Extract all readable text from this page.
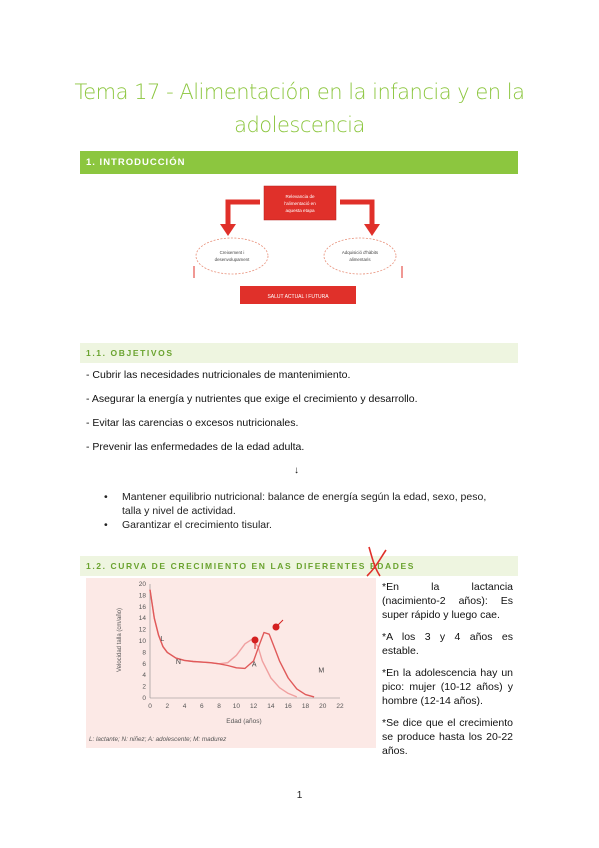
Tema 17 - Alimentación en la infancia y en la adolescencia
1. INTRODUCCIÓN
Relevancia de
l'alimentació en
aquesta etapa
Creixement i
desenvolupament
Adquisició d'hàbits
alimentaris
SALUT ACTUAL I FUTURA
1.1. OBJETIVOS
- Cubrir las necesidades nutricionales de mantenimiento.
- Asegurar la energía y nutrientes que exige el crecimiento y desarrollo.
- Evitar las carencias o excesos nutricionales.
- Prevenir las enfermedades de la edad adulta.
↓
• Mantener equilibrio nutricional: balance de energía según la edad, sexo, peso, talla y nivel de actividad.
• Garantizar el crecimiento tisular.
1.2. CURVA DE CRECIMIENTO EN LAS DIFERENTES EDADES
0 2 4 6 8 10 12 14 16 18 20 22
0
2
4
6
8
10
12
14
16
18
20
L
N	A
M
Edad (años)
Velocidad talla (cm/año)
L: lactante; N: niñez; A: adolescente; M: madurez

*En la lactancia (nacimiento-2 años): Es super rápido y luego cae.

*A los 3 y 4 años es estable.

*En la adolescencia hay un pico: mujer (10-12 años) y hombre (12-14 años).

*Se dice que el crecimiento se produce hasta los 20-22 años.

1
